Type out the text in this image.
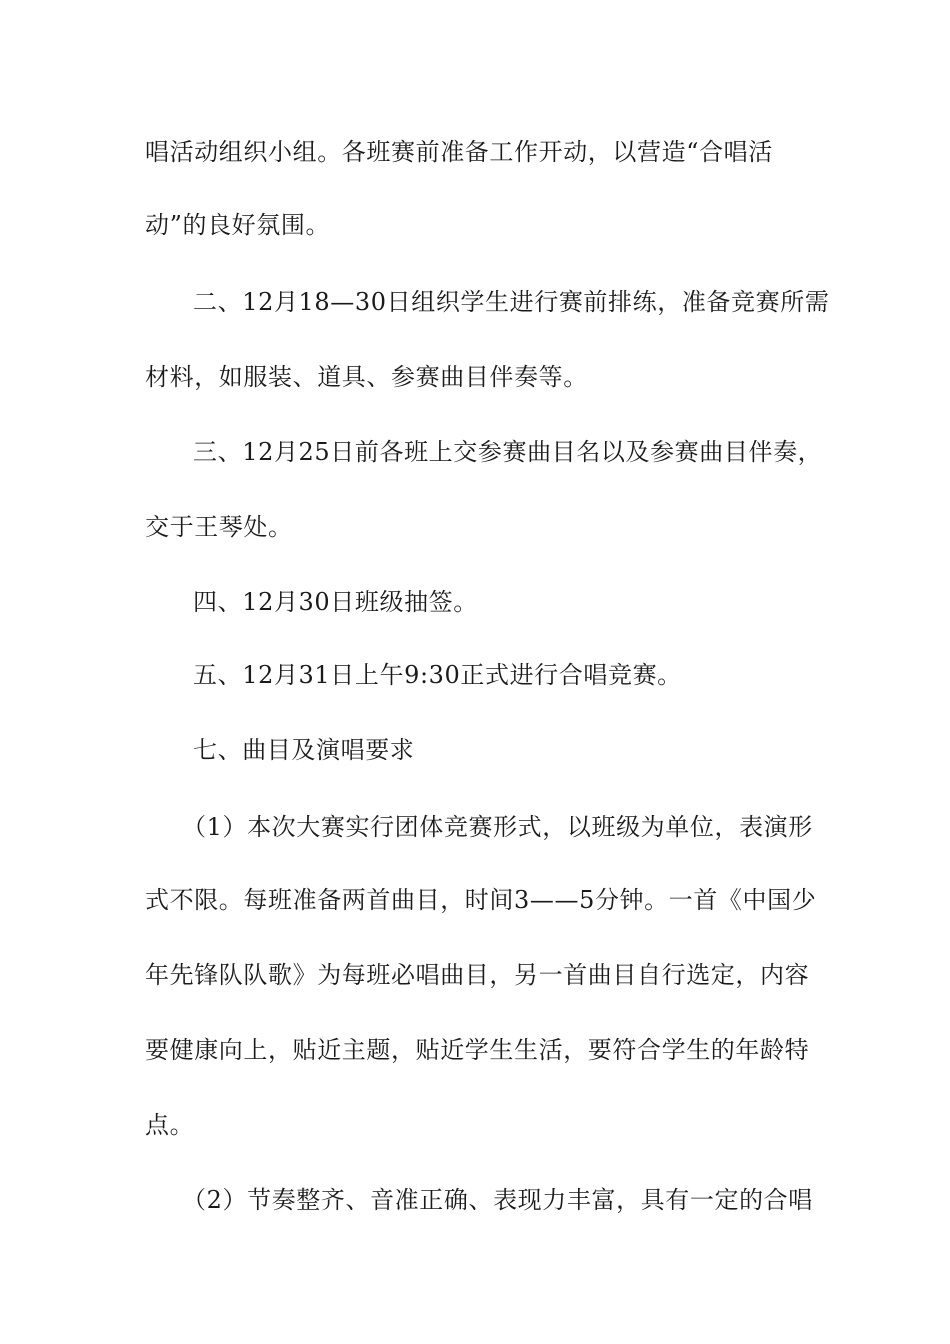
唱活动组织小组。各班赛前准备工作开动，以营造“合唱活
动”的良好氛围。
二、12月18—30日组织学生进行赛前排练，准备竞赛所需
材料，如服装、道具、参赛曲目伴奏等。
三、12月25日前各班上交参赛曲目名以及参赛曲目伴奏，
交于王琴处。
四、12月30日班级抽签。
五、12月31日上午9:30正式进行合唱竞赛。
七、曲目及演唱要求
（1）本次大赛实行团体竞赛形式，以班级为单位，表演形
式不限。每班准备两首曲目，时间3——5分钟。一首《中国少
年先锋队队歌》为每班必唱曲目，另一首曲目自行选定，内容
要健康向上，贴近主题，贴近学生生活，要符合学生的年龄特
点。
（2）节奏整齐、音准正确、表现力丰富，具有一定的合唱
